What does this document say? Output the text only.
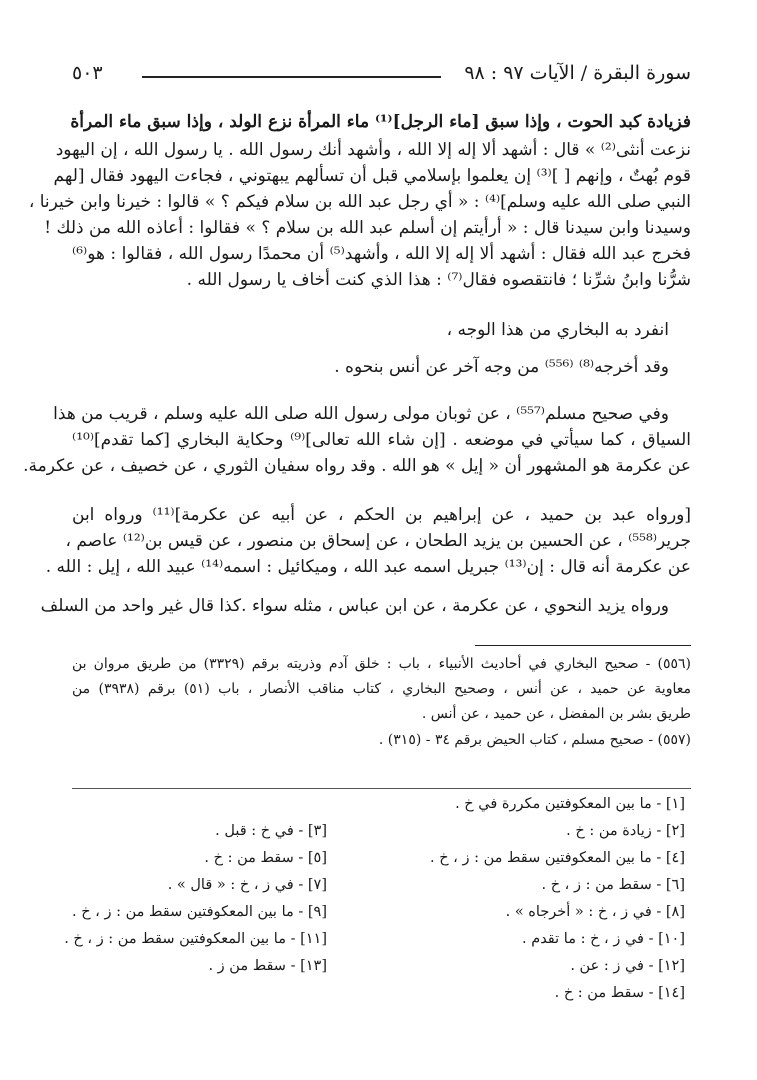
سورة البقرة / الآيات ٩٧ : ٩٨
٥٠٣
فزيادة كبد الحوت ، وإذا سبق [ماء الرجل]⁽¹⁾ ماء المرأة نزع الولد ، وإذا سبق ماء المرأة
نزعت أنثى⁽²⁾ » قال : أشهد ألا إله إلا الله ، وأشهد أنك رسول الله . يا رسول الله ، إن اليهود
قوم بُهتٌ ، وإنهم [ ]⁽³⁾ إن يعلموا بإسلامي قبل أن تسألهم يبهتوني ، فجاءت اليهود فقال [لهم
النبي صلى الله عليه وسلم]⁽⁴⁾ : « أي رجل عبد الله بن سلام فيكم ؟ » قالوا : خيرنا وابن خيرنا ،
وسيدنا وابن سيدنا قال : « أرأيتم إن أسلم عبد الله بن سلام ؟ » فقالوا : أعاذه الله من ذلك !
فخرج عبد الله فقال : أشهد ألا إله إلا الله ، وأشهد⁽⁵⁾ أن محمدًا رسول الله ، فقالوا : هو⁽⁶⁾
شرُّنا وابنُ شرِّنا ؛ فانتقصوه فقال⁽⁷⁾ : هذا الذي كنت أخاف يا رسول الله .
انفرد به البخاري من هذا الوجه ،
وقد أخرجه⁽⁸⁾ ⁽⁵⁵⁶⁾ من وجه آخر عن أنس بنحوه .
وفي صحيح مسلم⁽⁵⁵⁷⁾ ، عن ثوبان مولى رسول الله صلى الله عليه وسلم ، قريب من هذا
السياق ، كما سيأتي في موضعه . [إن شاء الله تعالى]⁽⁹⁾ وحكاية البخاري [كما تقدم]⁽¹⁰⁾
عن عكرمة هو المشهور أن « إيل » هو الله . وقد رواه سفيان الثوري ، عن خصيف ، عن عكرمة.
[ورواه عبد بن حميد ، عن إبراهيم بن الحكم ، عن أبيه عن عكرمة]⁽¹¹⁾ ورواه ابن
جرير⁽⁵⁵⁸⁾ ، عن الحسين بن يزيد الطحان ، عن إسحاق بن منصور ، عن قيس بن⁽¹²⁾ عاصم ،
عن عكرمة أنه قال : إن⁽¹³⁾ جبريل اسمه عبد الله ، وميكائيل : اسمه⁽¹⁴⁾ عبيد الله ، إيل : الله .
ورواه يزيد النحوي ، عن عكرمة ، عن ابن عباس ، مثله سواء .كذا قال غير واحد من السلف
(٥٥٦) - صحيح البخاري في أحاديث الأنبياء ، باب : خلق آدم وذريته برقم (٣٣٢٩) من طريق مروان بن
معاوية عن حميد ، عن أنس ، وصحيح البخاري ، كتاب مناقب الأنصار ، باب (٥١) برقم (٣٩٣٨) من
طريق بشر بن المفضل ، عن حميد ، عن أنس .
(٥٥٧) - صحيح مسلم ، كتاب الحيض برقم ٣٤ - (٣١٥) .
[١] - ما بين المعكوفتين مكررة في خ .
[٢] - زيادة من : خ .
[٤] - ما بين المعكوفتين سقط من : ز ، خ .
[٦] - سقط من : ز ، خ .
[٨] - في ز ، خ : « أخرجاه » .
[١٠] - في ز ، خ : ما تقدم .
[١٢] - في ز : عن .
[١٤] - سقط من : خ .
[٣] - في خ : قبل .
[٥] - سقط من : خ .
[٧] - في ز ، خ : « قال » .
[٩] - ما بين المعكوفتين سقط من : ز ، خ .
[١١] - ما بين المعكوفتين سقط من : ز ، خ .
[١٣] - سقط من ز .
